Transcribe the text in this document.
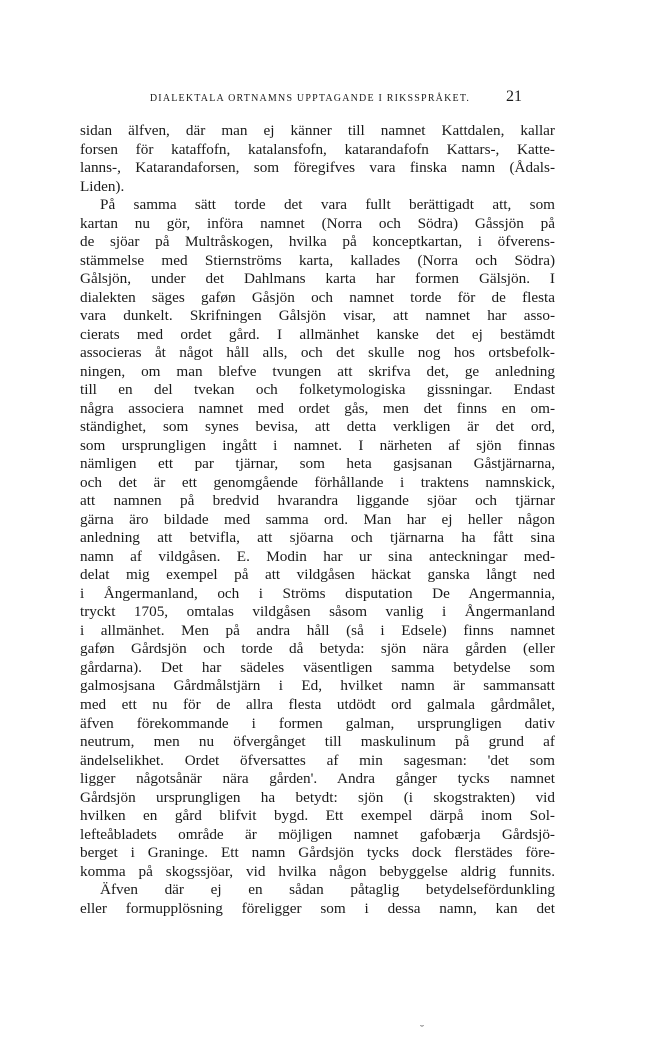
DIALEKTALA ORTNAMNS UPPTAGANDE I RIKSSPRÅKET.	21
sidan älfven, där man ej känner till namnet Kattdalen, kallar
forsen för kataffofn, katalansfofn, katarandafofn Kattars-, Katte-
lanns-, Katarandaforsen, som föregifves vara finska namn (Ådals-
Liden).
På samma sätt torde det vara fullt berättigadt att, som
kartan nu gör, införa namnet (Norra och Södra) Gåssjön på
de sjöar på Multråskogen, hvilka på konceptkartan, i öfverens-
stämmelse med Stiernströms karta, kallades (Norra och Södra)
Gålsjön, under det Dahlmans karta har formen Gälsjön. I
dialekten säges gaføn Gåsjön och namnet torde för de flesta
vara dunkelt. Skrifningen Gålsjön visar, att namnet har asso-
cierats med ordet gård. I allmänhet kanske det ej bestämdt
associeras åt något håll alls, och det skulle nog hos ortsbefolk-
ningen, om man blefve tvungen att skrifva det, ge anledning
till en del tvekan och folketymologiska gissningar. Endast
några associera namnet med ordet gås, men det finns en om-
ständighet, som synes bevisa, att detta verkligen är det ord,
som ursprungligen ingått i namnet. I närheten af sjön finnas
nämligen ett par tjärnar, som heta gasjsanan Gåstjärnarna,
och det är ett genomgående förhållande i traktens namnskick,
att namnen på bredvid hvarandra liggande sjöar och tjärnar
gärna äro bildade med samma ord. Man har ej heller någon
anledning att betvifla, att sjöarna och tjärnarna ha fått sina
namn af vildgåsen. E. Modin har ur sina anteckningar med-
delat mig exempel på att vildgåsen häckat ganska långt ned
i Ångermanland, och i Ströms disputation De Angermannia,
tryckt 1705, omtalas vildgåsen såsom vanlig i Ångermanland
i allmänhet. Men på andra håll (så i Edsele) finns namnet
gaføn Gårdsjön och torde då betyda: sjön nära gården (eller
gårdarna). Det har sädeles väsentligen samma betydelse som
galmosjsana Gårdmålstjärn i Ed, hvilket namn är sammansatt
med ett nu för de allra flesta utdödt ord galmala gårdmålet,
äfven förekommande i formen galman, ursprungligen dativ
neutrum, men nu öfvergånget till maskulinum på grund af
ändelselikhet. Ordet öfversattes af min sagesman: 'det som
ligger någotsånär nära gården'. Andra gånger tycks namnet
Gårdsjön ursprungligen ha betydt: sjön (i skogstrakten) vid
hvilken en gård blifvit bygd. Ett exempel därpå inom Sol-
lefteåbladets område är möjligen namnet gafobærja Gårdsjö-
berget i Graninge. Ett namn Gårdsjön tycks dock flerstädes före-
komma på skogssjöar, vid hvilka någon bebyggelse aldrig funnits.
Äfven där ej en sådan påtaglig betydelsefördunkling
eller formupplösning föreligger som i dessa namn, kan det
˘
